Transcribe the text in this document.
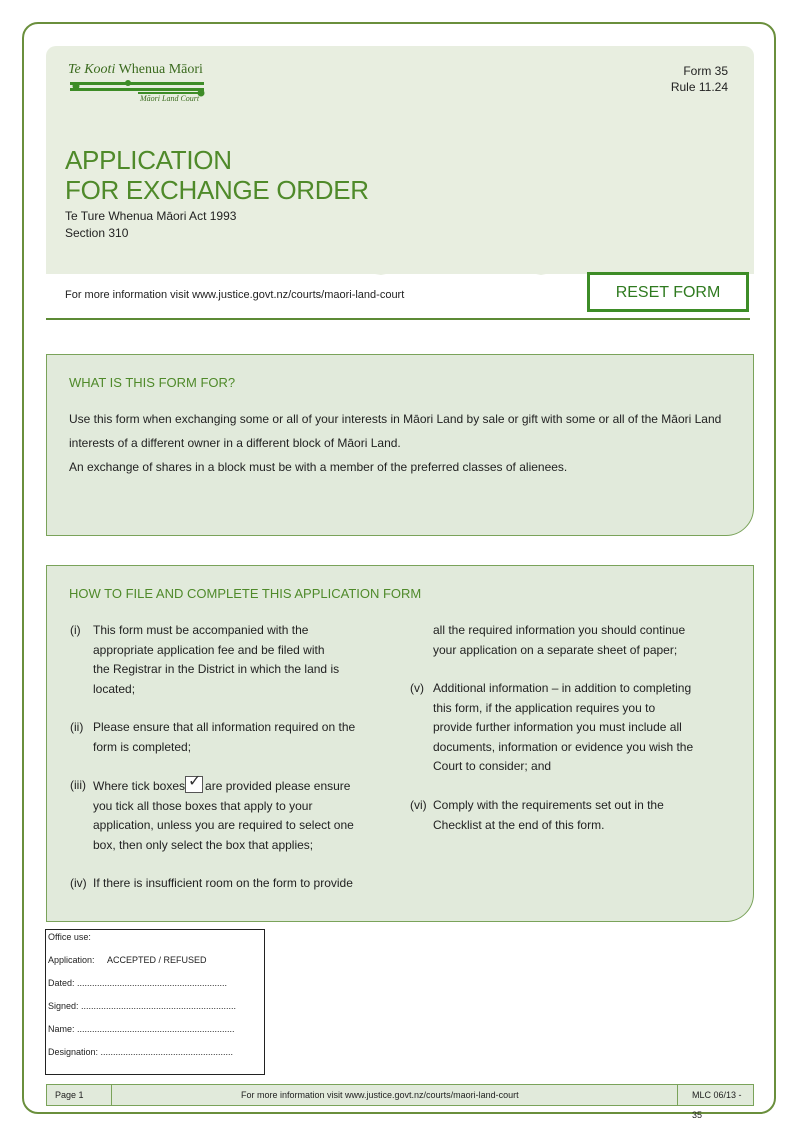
Te Kooti Whenua Māori
Māori Land Court
Form 35
Rule 11.24
APPLICATION
FOR EXCHANGE ORDER
Te Ture Whenua Māori Act 1993
Section 310
For more information visit www.justice.govt.nz/courts/maori-land-court	RESET FORM
WHAT IS THIS FORM FOR?

Use this form when exchanging some or all of your interests in Māori Land by sale or gift with some or all of the Māori Land interests of a different owner in a different block of Māori Land.

An exchange of shares in a block must be with a member of the preferred classes of alienees.

HOW TO FILE AND COMPLETE THIS APPLICATION FORM
(i) This form must be accompanied with the
appropriate application fee and be filed with
the Registrar in the District in which the land is
located;
(ii) Please ensure that all information required on the
form is completed;
(iii) Where tick boxes ✓ are provided please ensure
you tick all those boxes that apply to your
application, unless you are required to select one
box, then only select the box that applies;
(iv) If there is insufficient room on the form to provide
all the required information you should continue
your application on a separate sheet of paper;
(v) Additional information – in addition to completing
this form, if the application requires you to
provide further information you must include all
documents, information or evidence you wish the
Court to consider; and
(vi) Comply with the requirements set out in the
Checklist at the end of this form.
Office use:
Application: ACCEPTED / REFUSED
Dated: ............................................................
Signed: ..............................................................
Name: ...............................................................
Designation: .....................................................
Page 1	For more information visit www.justice.govt.nz/courts/maori-land-court	MLC 06/13 - 35
